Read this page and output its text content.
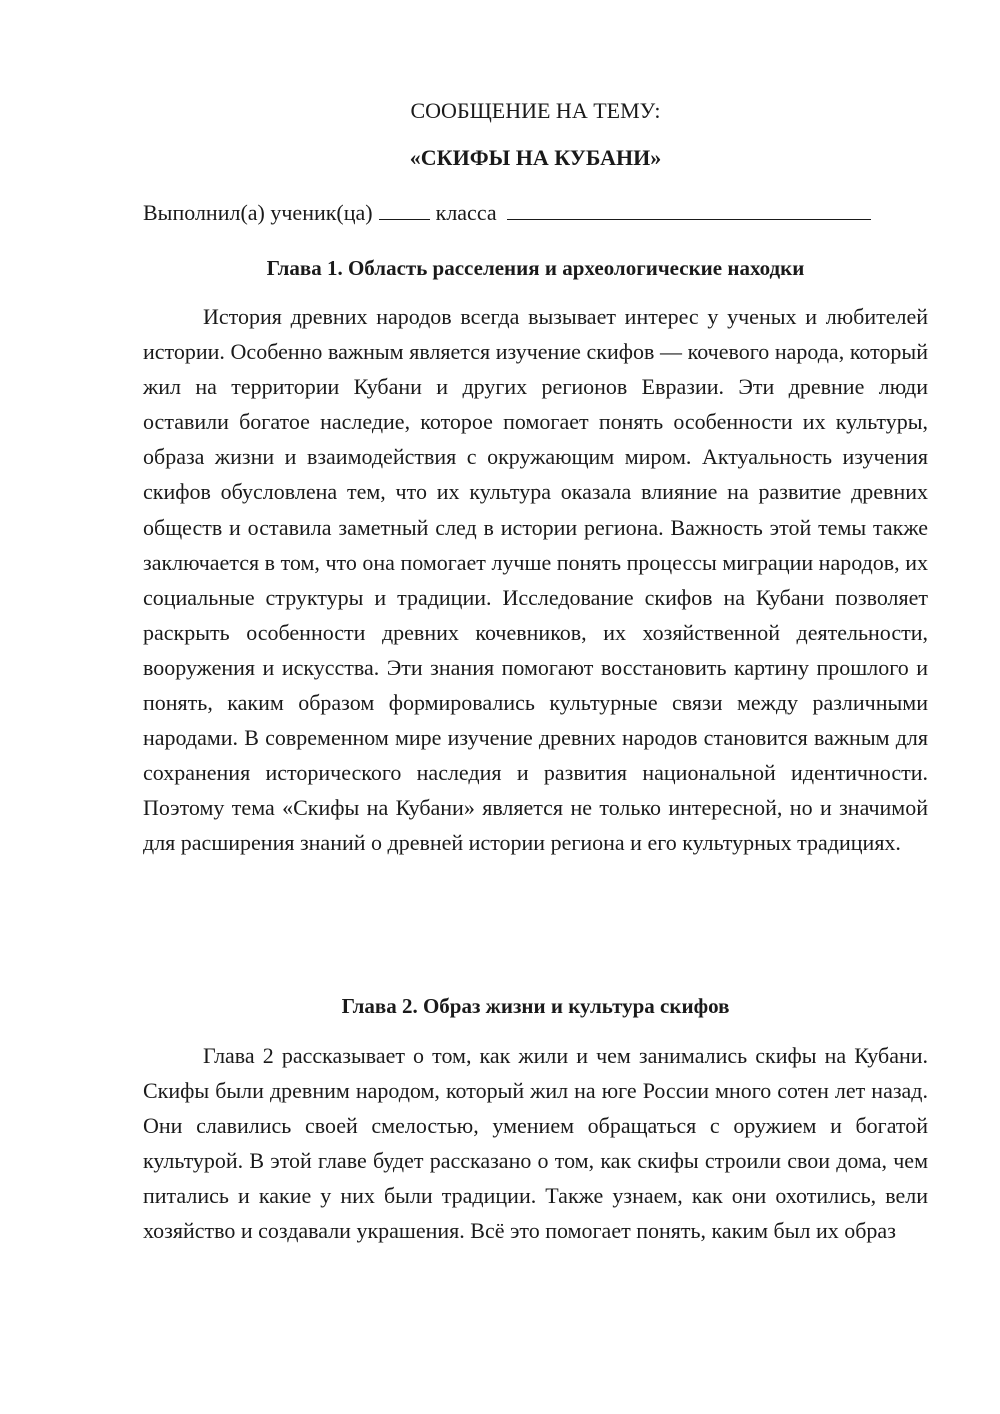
СООБЩЕНИЕ НА ТЕМУ:

«СКИФЫ НА КУБАНИ»

Выполнил(а) ученик(ца)	класса

Глава 1. Область расселения и археологические находки

История древних народов всегда вызывает интерес у ученых и любителей истории. Особенно важным является изучение скифов — кочевого народа, который жил на территории Кубани и других регионов Евразии. Эти древние люди оставили богатое наследие, которое помогает понять особенности их культуры, образа жизни и взаимодействия с окружающим миром. Актуальность изучения скифов обусловлена тем, что их культура оказала влияние на развитие древних обществ и оставила заметный след в истории региона. Важность этой темы также заключается в том, что она помогает лучше понять процессы миграции народов, их социальные структуры и традиции. Исследование скифов на Кубани позволяет раскрыть особенности древних кочевников, их хозяйственной деятельности, вооружения и искусства. Эти знания помогают восстановить картину прошлого и понять, каким образом формировались культурные связи между различными народами. В современном мире изучение древних народов становится важным для сохранения исторического наследия и развития национальной идентичности. Поэтому тема «Скифы на Кубани» является не только интересной, но и значимой для расширения знаний о древней истории региона и его культурных традициях.

Глава 2. Образ жизни и культура скифов

Глава 2 рассказывает о том, как жили и чем занимались скифы на Кубани. Скифы были древним народом, который жил на юге России много сотен лет назад. Они славились своей смелостью, умением обращаться с оружием и богатой культурой. В этой главе будет рассказано о том, как скифы строили свои дома, чем питались и какие у них были традиции. Также узнаем, как они охотились, вели хозяйство и создавали украшения. Всё это помогает понять, каким был их образ
